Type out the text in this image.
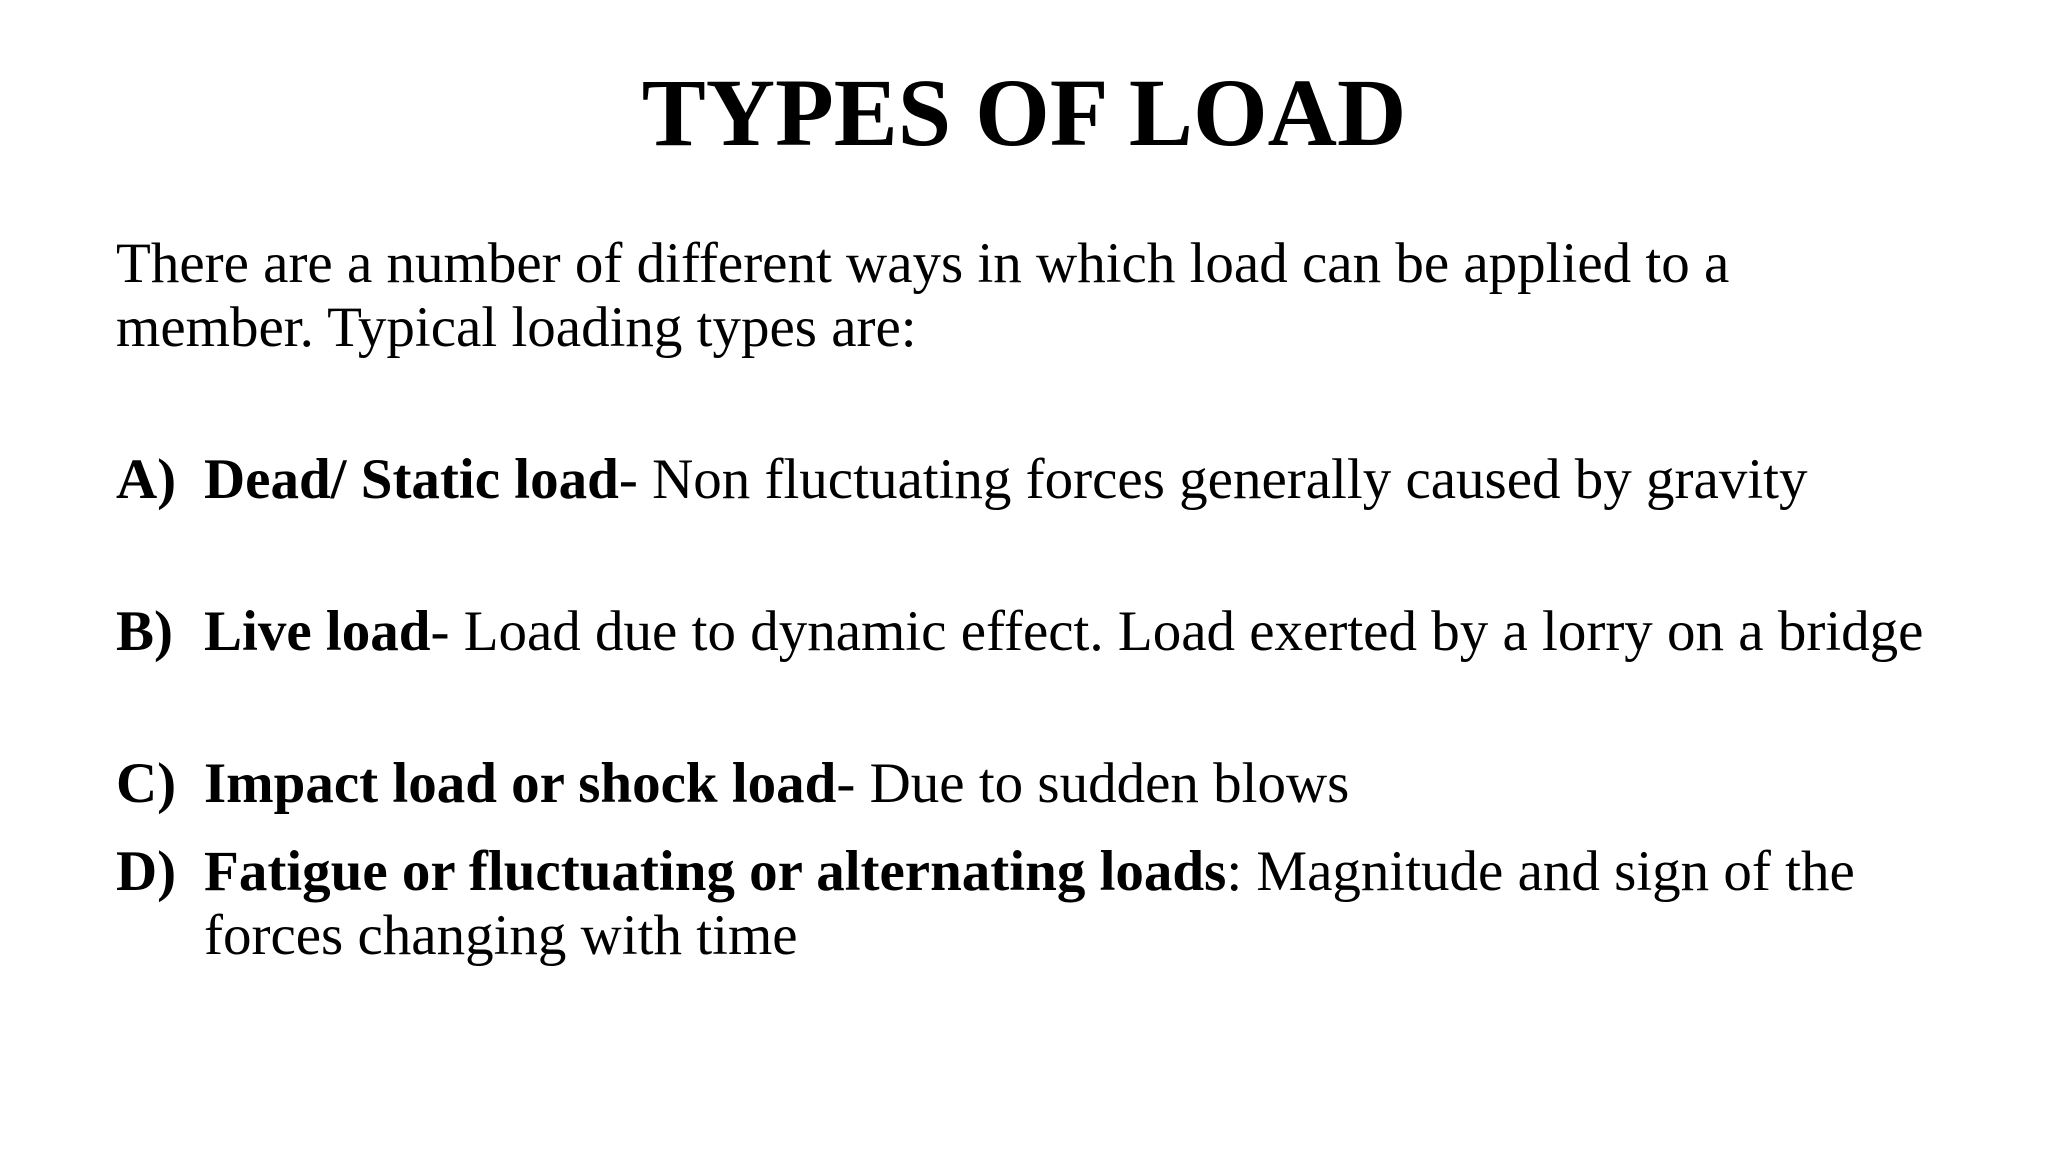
TYPES OF LOAD

There are a number of different ways in which load can be applied to a member. Typical loading types are:

A) Dead/ Static load- Non fluctuating forces generally caused by gravity
B) Live load- Load due to dynamic effect. Load exerted by a lorry on a bridge
C) Impact load or shock load- Due to sudden blows
D) Fatigue or fluctuating or alternating loads: Magnitude and sign of the forces changing with time
